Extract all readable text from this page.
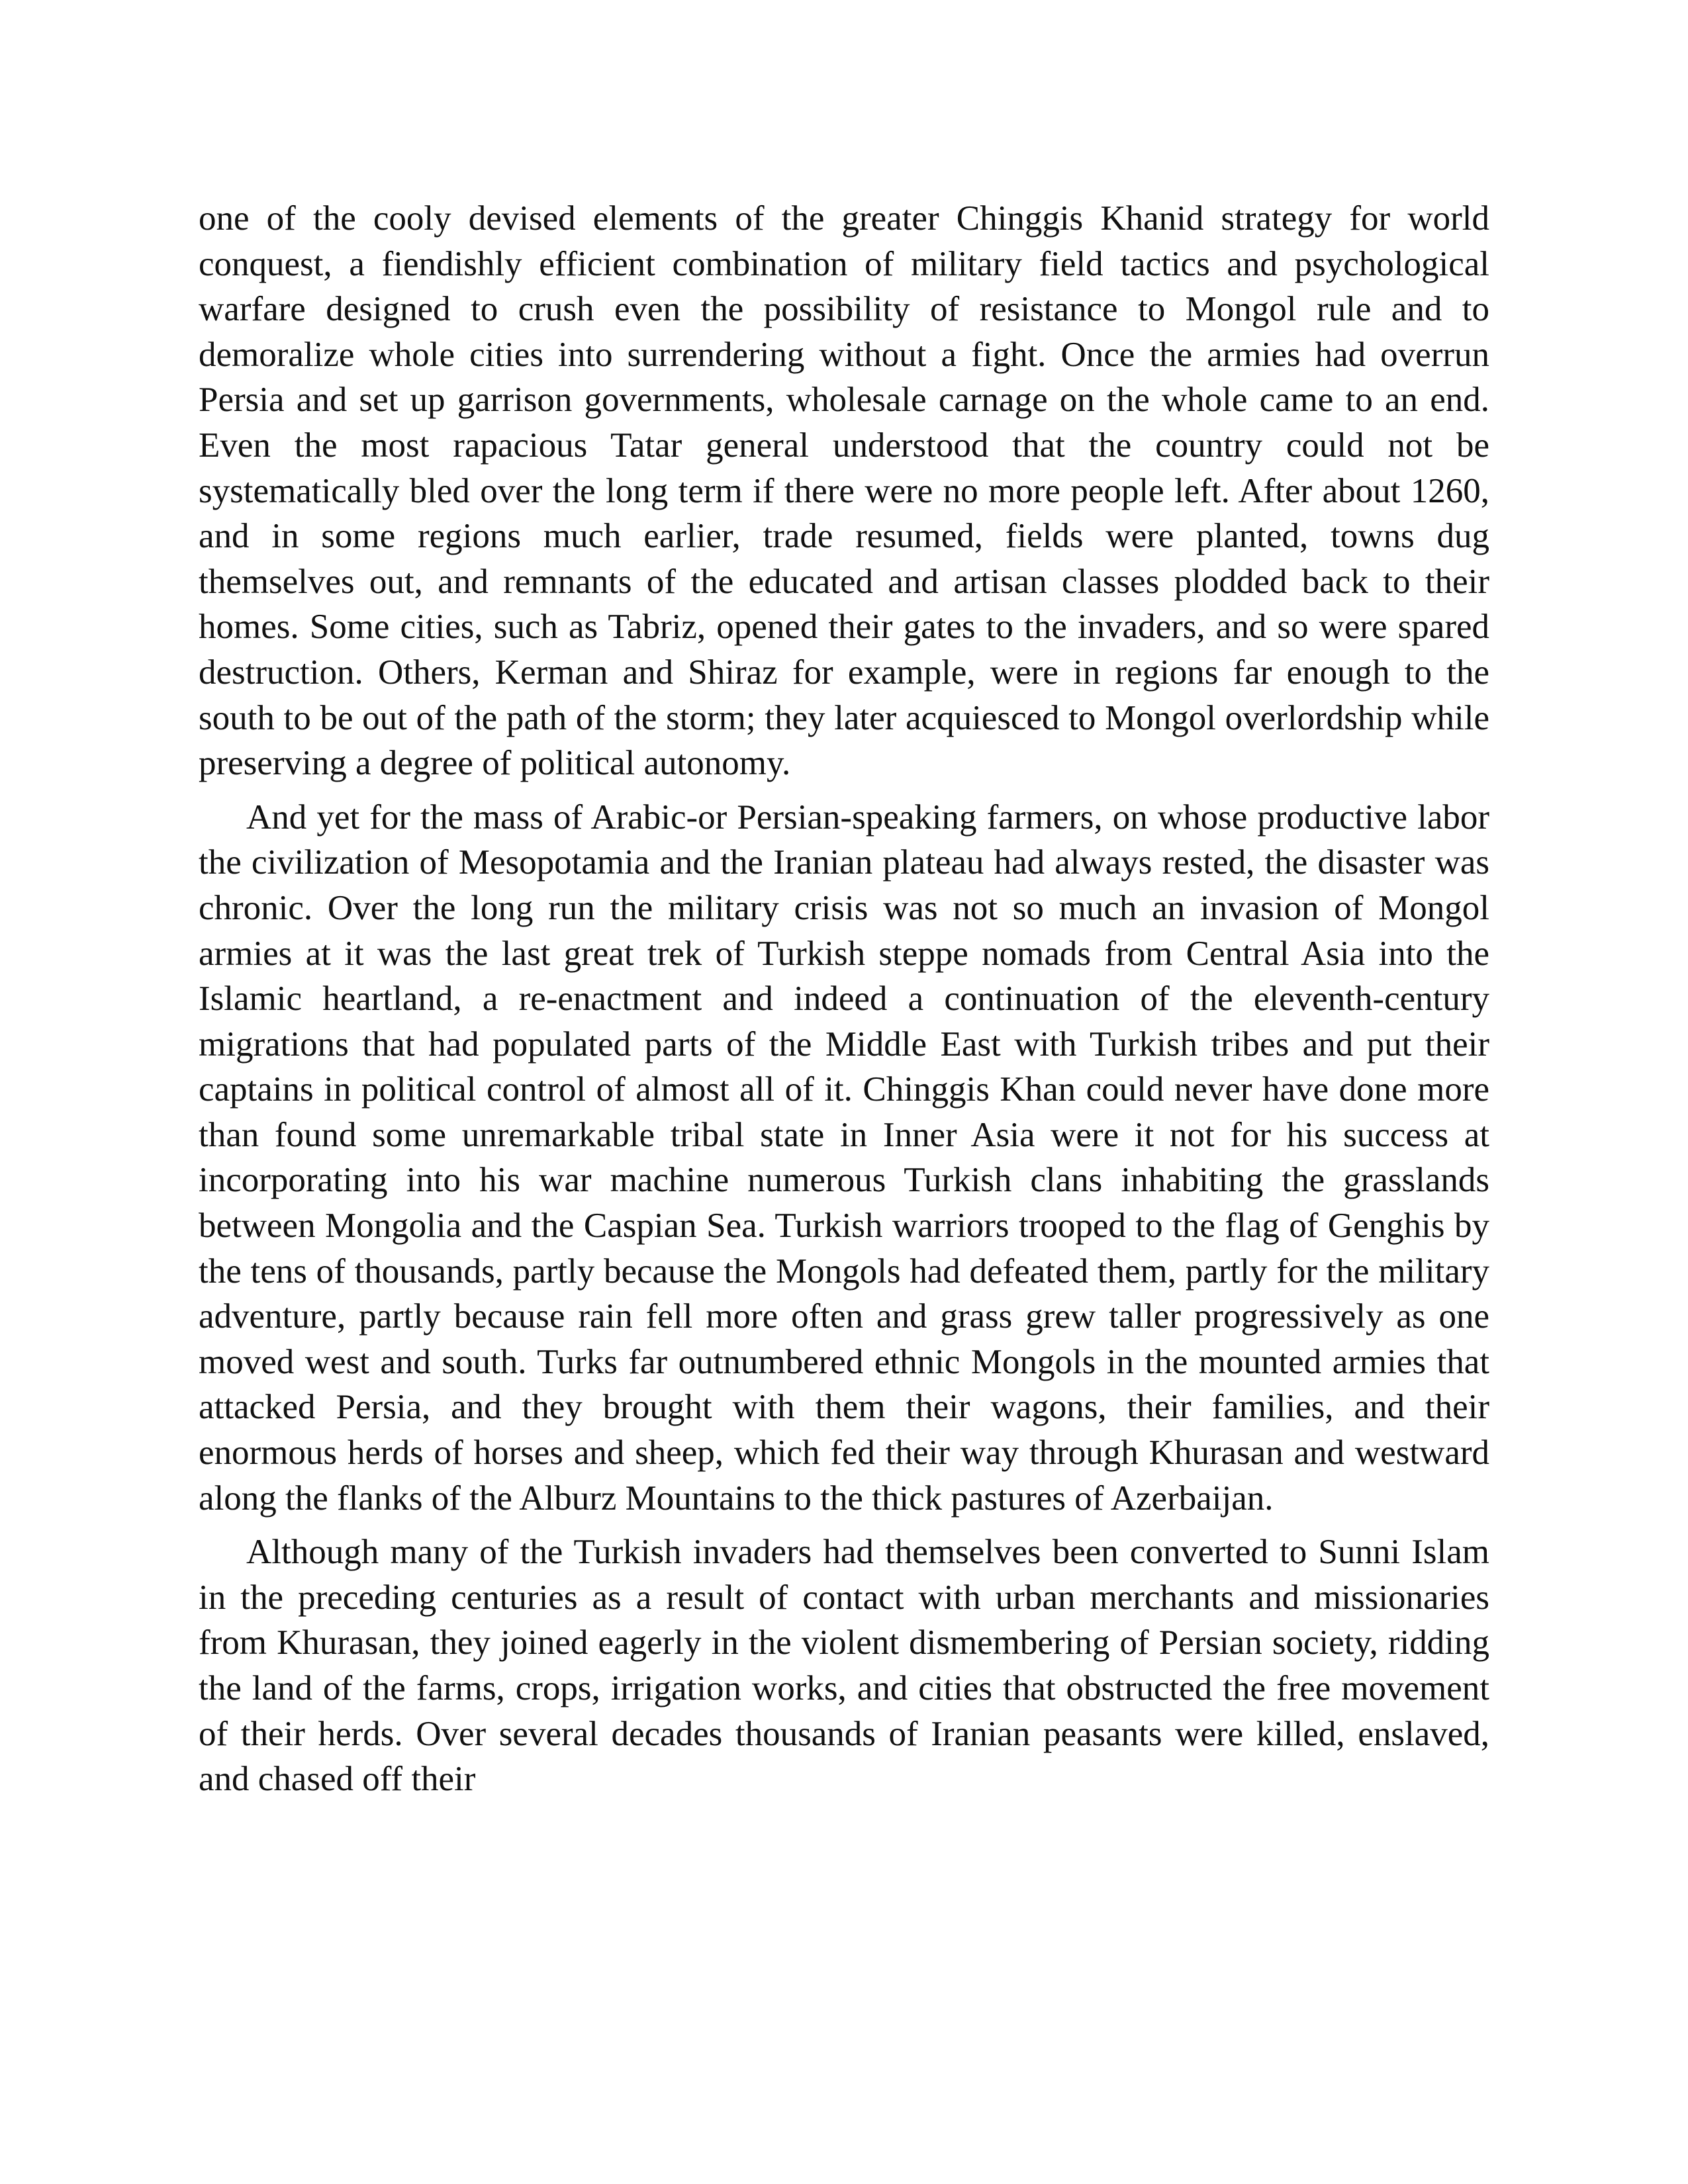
one of the cooly devised elements of the greater Chinggis Khanid strategy for world conquest, a fiendishly efficient combination of military field tactics and psychological warfare designed to crush even the possibility of resistance to Mongol rule and to demoralize whole cities into surrendering without a fight. Once the armies had overrun Persia and set up garrison governments, wholesale carnage on the whole came to an end. Even the most rapacious Tatar general understood that the country could not be systematically bled over the long term if there were no more people left. After about 1260, and in some regions much earlier, trade resumed, fields were planted, towns dug themselves out, and remnants of the educated and artisan classes plodded back to their homes. Some cities, such as Tabriz, opened their gates to the invaders, and so were spared destruction. Others, Kerman and Shiraz for example, were in regions far enough to the south to be out of the path of the storm; they later acquiesced to Mongol overlordship while preserving a degree of political autonomy.

And yet for the mass of Arabic-or Persian-speaking farmers, on whose productive labor the civilization of Mesopotamia and the Iranian plateau had always rested, the disaster was chronic. Over the long run the military crisis was not so much an invasion of Mongol armies at it was the last great trek of Turkish steppe nomads from Central Asia into the Islamic heartland, a re-enactment and indeed a continuation of the eleventh-century migrations that had populated parts of the Middle East with Turkish tribes and put their captains in political control of almost all of it. Chinggis Khan could never have done more than found some unremarkable tribal state in Inner Asia were it not for his success at incorporating into his war machine numerous Turkish clans inhabiting the grasslands between Mongolia and the Caspian Sea. Turkish warriors trooped to the flag of Genghis by the tens of thousands, partly because the Mongols had defeated them, partly for the military adventure, partly because rain fell more often and grass grew taller progressively as one moved west and south. Turks far outnumbered ethnic Mongols in the mounted armies that attacked Persia, and they brought with them their wagons, their families, and their enormous herds of horses and sheep, which fed their way through Khurasan and westward along the flanks of the Alburz Mountains to the thick pastures of Azerbaijan.

Although many of the Turkish invaders had themselves been converted to Sunni Islam in the preceding centuries as a result of contact with urban merchants and missionaries from Khurasan, they joined eagerly in the violent dismembering of Persian society, ridding the land of the farms, crops, irrigation works, and cities that obstructed the free movement of their herds. Over several decades thousands of Iranian peasants were killed, enslaved, and chased off their
